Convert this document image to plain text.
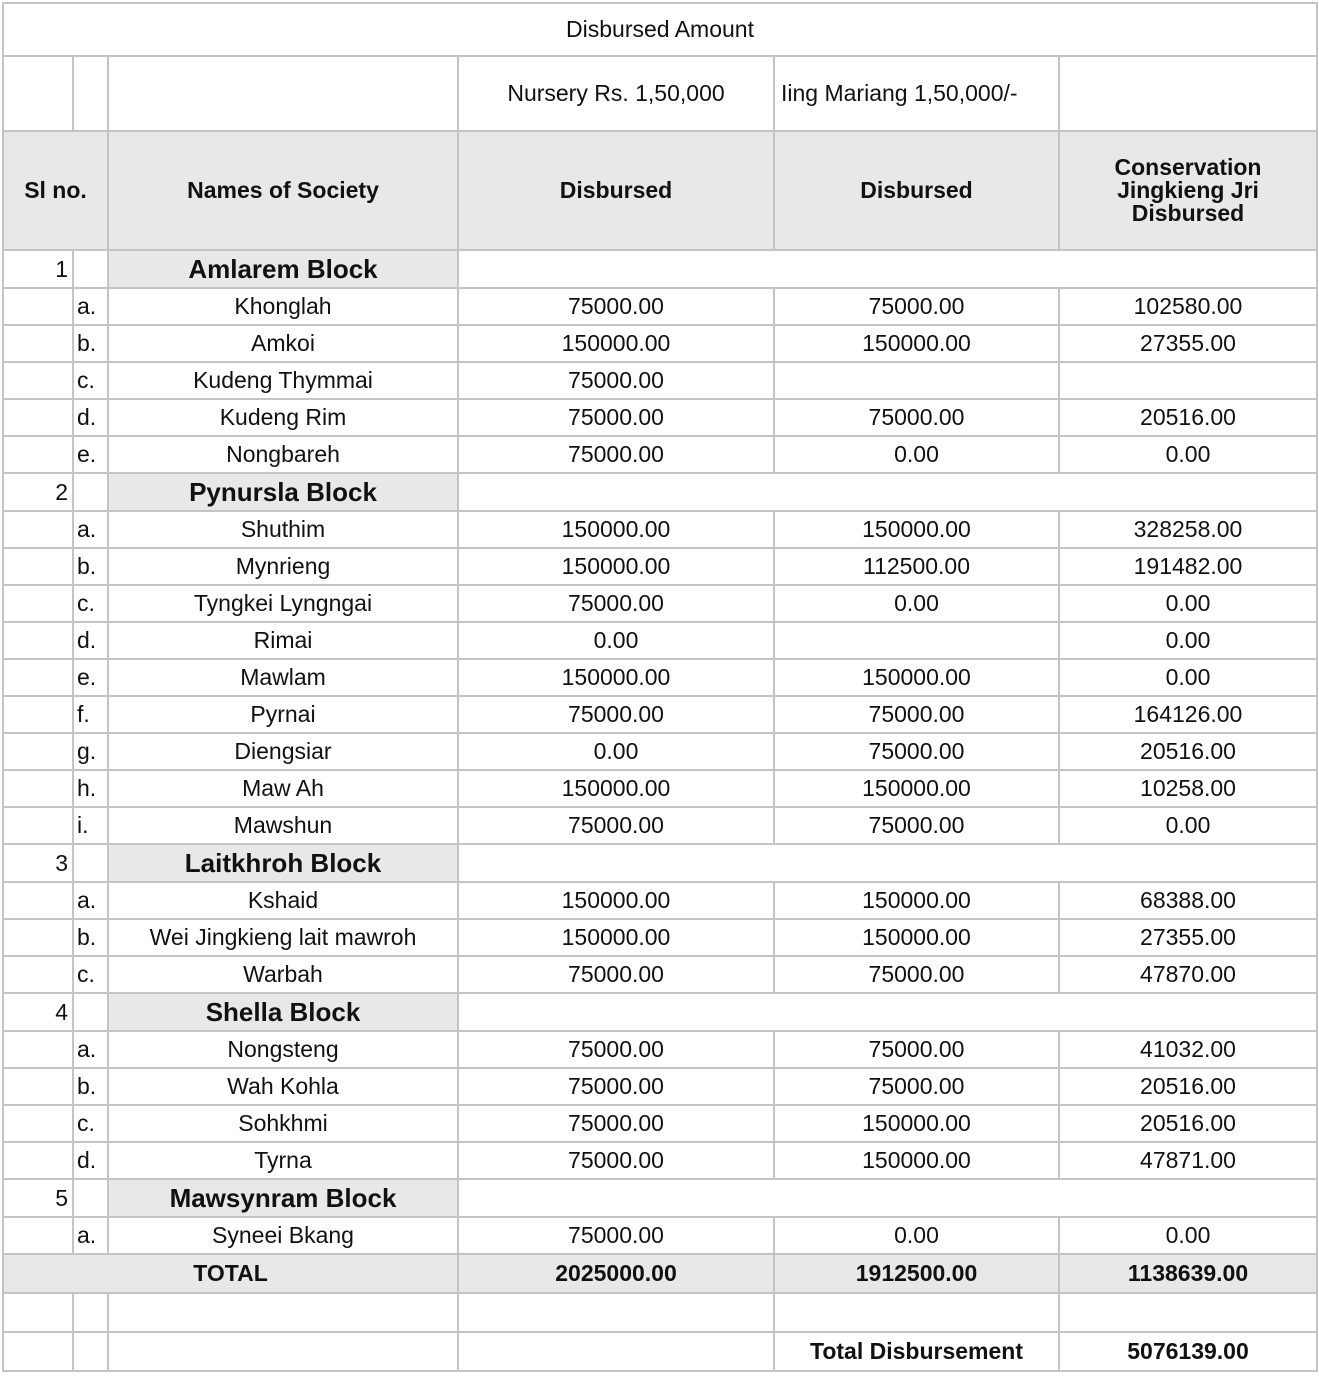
Disbursed Amount					
			Nursery Rs. 1,50,000	Iing Mariang 1,50,000/-	
Sl no.		Names of Society	Disbursed	Disbursed	Conservation Jingkieng Jri Disbursed
1		Amlarem Block			
	a.	Khonglah	75000.00	75000.00	102580.00
	b.	Amkoi	150000.00	150000.00	27355.00
	c.	Kudeng Thymmai	75000.00		
	d.	Kudeng Rim	75000.00	75000.00	20516.00
	e.	Nongbareh	75000.00	0.00	0.00
2		Pynursla Block			
	a.	Shuthim	150000.00	150000.00	328258.00
	b.	Mynrieng	150000.00	112500.00	191482.00
	c.	Tyngkei Lyngngai	75000.00	0.00	0.00
	d.	Rimai	0.00		0.00
	e.	Mawlam	150000.00	150000.00	0.00
	f.	Pyrnai	75000.00	75000.00	164126.00
	g.	Diengsiar	0.00	75000.00	20516.00
	h.	Maw Ah	150000.00	150000.00	10258.00
	i.	Mawshun	75000.00	75000.00	0.00
3		Laitkhroh Block			
	a.	Kshaid	150000.00	150000.00	68388.00
	b.	Wei Jingkieng lait mawroh	150000.00	150000.00	27355.00
	c.	Warbah	75000.00	75000.00	47870.00
4		Shella Block			
	a.	Nongsteng	75000.00	75000.00	41032.00
	b.	Wah Kohla	75000.00	75000.00	20516.00
	c.	Sohkhmi	75000.00	150000.00	20516.00
	d.	Tyrna	75000.00	150000.00	47871.00
5		Mawsynram Block			
	a.	Syneei Bkang	75000.00	0.00	0.00
TOTAL			2025000.00	1912500.00	1138639.00

				Total Disbursement	5076139.00
